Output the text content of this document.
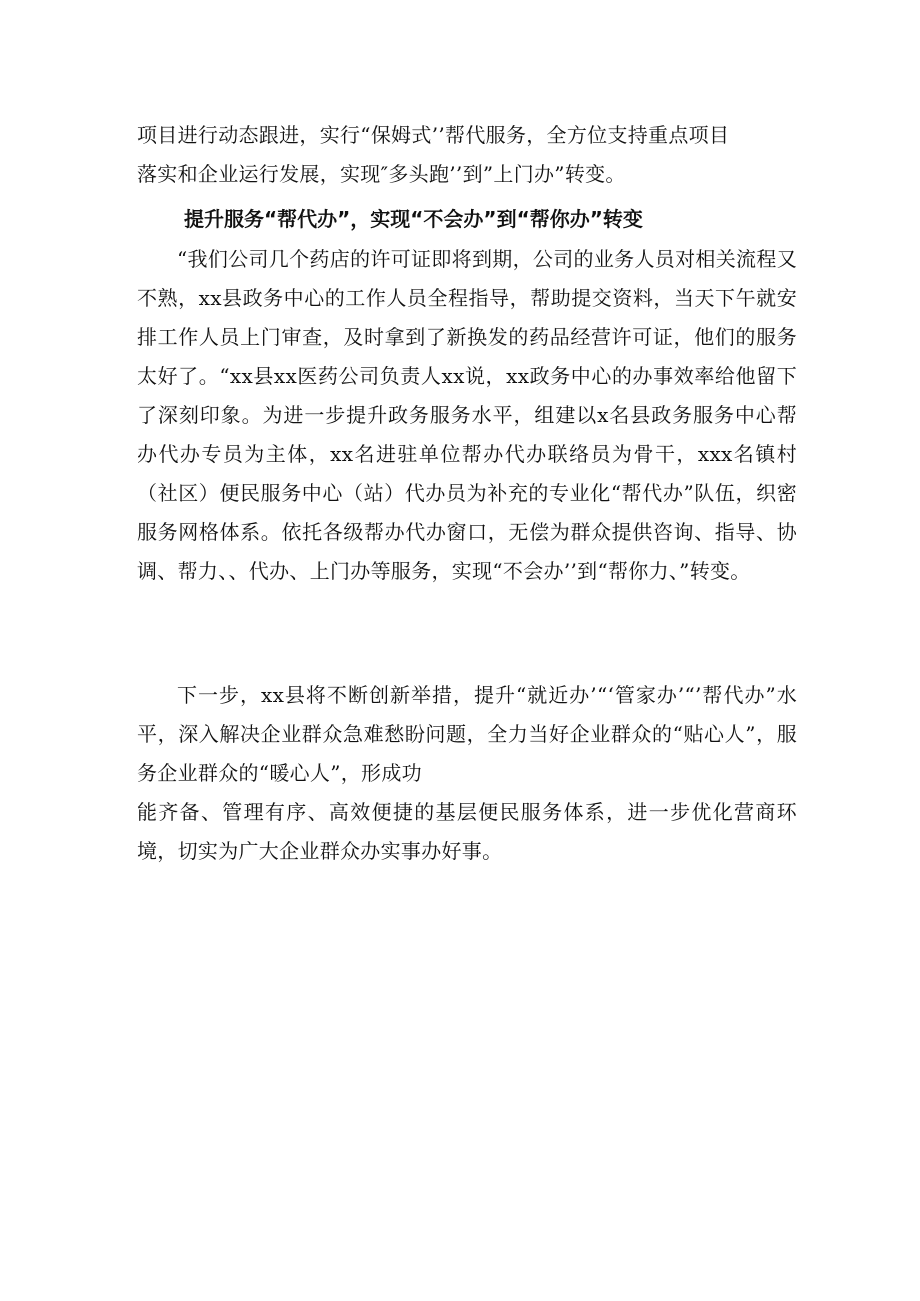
项目进行动态跟进，实行“保姆式’’帮代服务，全方位支持重点项目
落实和企业运行发展，实现″多头跑’’到”上门办”转变。
提升服务“帮代办”，实现“不会办”到“帮你办”转变

“我们公司几个药店的许可证即将到期，公司的业务人员对相关流程又不熟，xx县政务中心的工作人员全程指导，帮助提交资料，当天下午就安排工作人员上门审查，及时拿到了新换发的药品经营许可证，他们的服务太好了。“xx县xx医药公司负责人xx说，xx政务中心的办事效率给他留下了深刻印象。为进一步提升政务服务水平，组建以x名县政务服务中心帮办代办专员为主体，xx名进驻单位帮办代办联络员为骨干，xxx名镇村（社区）便民服务中心（站）代办员为补充的专业化“帮代办”队伍，织密服务网格体系。依托各级帮办代办窗口，无偿为群众提供咨询、指导、协调、帮力、、代办、上门办等服务，实现“不会办’’到“帮你力、”转变。

下一步，xx县将不断创新举措，提升“就近办’“‘管家办’“’帮代办”水平，深入解决企业群众急难愁盼问题，全力当好企业群众的“贴心人”，服务企业群众的“暖心人”，形成功

能齐备、管理有序、高效便捷的基层便民服务体系，进一步优化营商环境，切实为广大企业群众办实事办好事。
